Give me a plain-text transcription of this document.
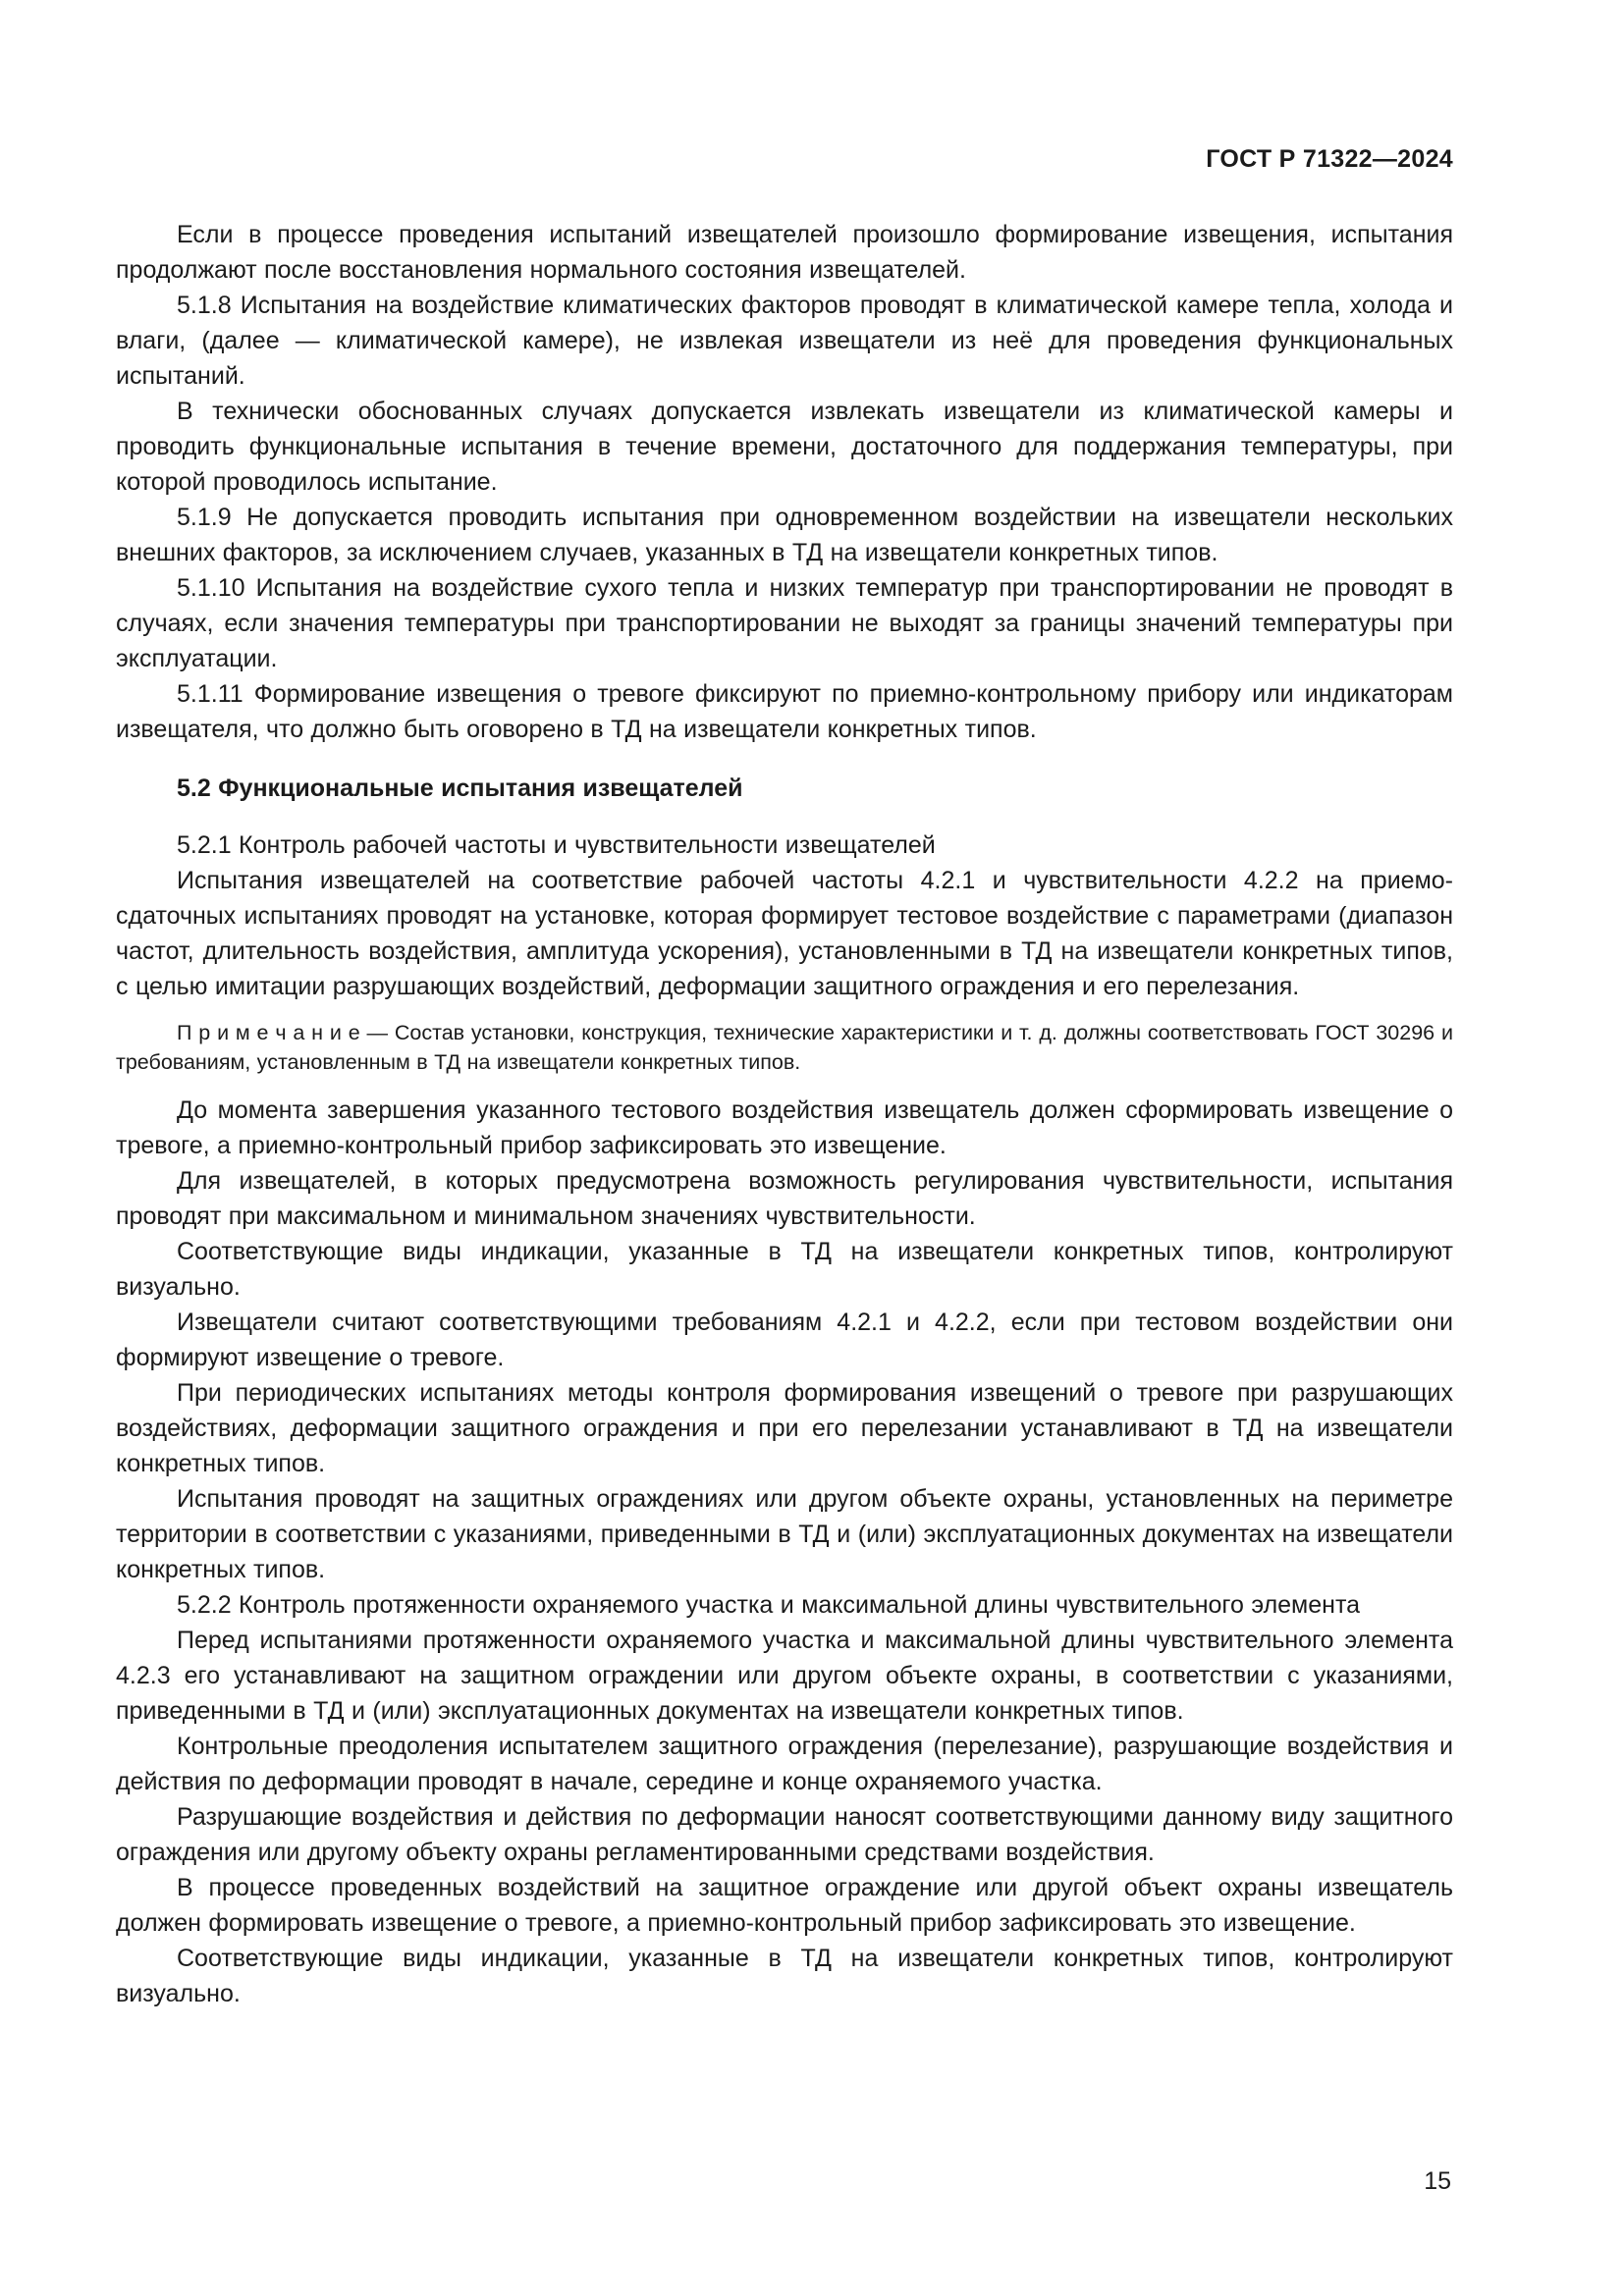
ГОСТ Р 71322—2024

Если в процессе проведения испытаний извещателей произошло формирование извещения, испытания продолжают после восстановления нормального состояния извещателей.

5.1.8 Испытания на воздействие климатических факторов проводят в климатической камере тепла, холода и влаги, (далее — климатической камере), не извлекая извещатели из неё для проведения функциональных испытаний.

В технически обоснованных случаях допускается извлекать извещатели из климатической камеры и проводить функциональные испытания в течение времени, достаточного для поддержания температуры, при которой проводилось испытание.

5.1.9 Не допускается проводить испытания при одновременном воздействии на извещатели нескольких внешних факторов, за исключением случаев, указанных в ТД на извещатели конкретных типов.

5.1.10 Испытания на воздействие сухого тепла и низких температур при транспортировании не проводят в случаях, если значения температуры при транспортировании не выходят за границы значений температуры при эксплуатации.

5.1.11 Формирование извещения о тревоге фиксируют по приемно-контрольному прибору или индикаторам извещателя, что должно быть оговорено в ТД на извещатели конкретных типов.

5.2 Функциональные испытания извещателей

5.2.1 Контроль рабочей частоты и чувствительности извещателей

Испытания извещателей на соответствие рабочей частоты 4.2.1 и чувствительности 4.2.2 на приемо-сдаточных испытаниях проводят на установке, которая формирует тестовое воздействие с параметрами (диапазон частот, длительность воздействия, амплитуда ускорения), установленными в ТД на извещатели конкретных типов, с целью имитации разрушающих воздействий, деформации защитного ограждения и его перелезания.

П р и м е ч а н и е — Состав установки, конструкция, технические характеристики и т. д. должны соответствовать ГОСТ 30296 и требованиям, установленным в ТД на извещатели конкретных типов.

До момента завершения указанного тестового воздействия извещатель должен сформировать извещение о тревоге, а приемно-контрольный прибор зафиксировать это извещение.

Для извещателей, в которых предусмотрена возможность регулирования чувствительности, испытания проводят при максимальном и минимальном значениях чувствительности.

Соответствующие виды индикации, указанные в ТД на извещатели конкретных типов, контролируют визуально.

Извещатели считают соответствующими требованиям 4.2.1 и 4.2.2, если при тестовом воздействии они формируют извещение о тревоге.

При периодических испытаниях методы контроля формирования извещений о тревоге при разрушающих воздействиях, деформации защитного ограждения и при его перелезании устанавливают в ТД на извещатели конкретных типов.

Испытания проводят на защитных ограждениях или другом объекте охраны, установленных на периметре территории в соответствии с указаниями, приведенными в ТД и (или) эксплуатационных документах на извещатели конкретных типов.

5.2.2 Контроль протяженности охраняемого участка и максимальной длины чувствительного элемента

Перед испытаниями протяженности охраняемого участка и максимальной длины чувствительного элемента 4.2.3 его устанавливают на защитном ограждении или другом объекте охраны, в соответствии с указаниями, приведенными в ТД и (или) эксплуатационных документах на извещатели конкретных типов.

Контрольные преодоления испытателем защитного ограждения (перелезание), разрушающие воздействия и действия по деформации проводят в начале, середине и конце охраняемого участка.

Разрушающие воздействия и действия по деформации наносят соответствующими данному виду защитного ограждения или другому объекту охраны регламентированными средствами воздействия.

В процессе проведенных воздействий на защитное ограждение или другой объект охраны извещатель должен формировать извещение о тревоге, а приемно-контрольный прибор зафиксировать это извещение.

Соответствующие виды индикации, указанные в ТД на извещатели конкретных типов, контролируют визуально.

15
